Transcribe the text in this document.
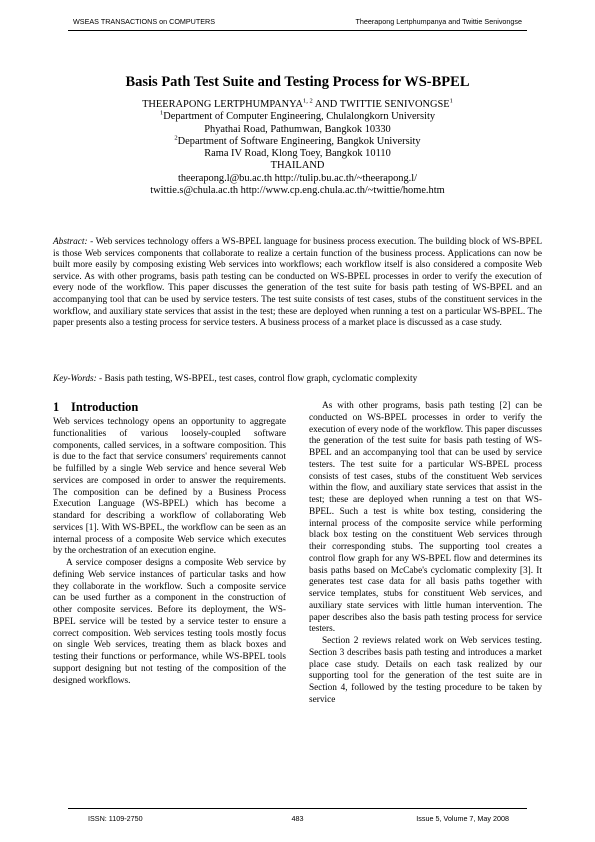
WSEAS TRANSACTIONS on COMPUTERS	Theerapong Lertphumpanya and Twittie Senivongse
Basis Path Test Suite and Testing Process for WS-BPEL
THEERAPONG LERTPHUMPANYA$^{1, 2}$ AND TWITTIE SENIVONGSE$^1$
$^1$Department of Computer Engineering, Chulalongkorn University
Phyathai Road, Pathumwan, Bangkok 10330
$^2$Department of Software Engineering, Bangkok University
Rama IV Road, Klong Toey, Bangkok 10110
THAILAND
theerapong.l@bu.ac.th http://tulip.bu.ac.th/~theerapong.l/
twittie.s@chula.ac.th http://www.cp.eng.chula.ac.th/~twittie/home.htm
Abstract: - Web services technology offers a WS-BPEL language for business process execution. The building block of WS-BPEL is those Web services components that collaborate to realize a certain function of the business process. Applications can now be built more easily by composing existing Web services into workflows; each workflow itself is also considered a composite Web service. As with other programs, basis path testing can be conducted on WS-BPEL processes in order to verify the execution of every node of the workflow. This paper discusses the generation of the test suite for basis path testing of WS-BPEL and an accompanying tool that can be used by service testers. The test suite consists of test cases, stubs of the constituent services in the workflow, and auxiliary state services that assist in the test; these are deployed when running a test on a particular WS-BPEL. The paper presents also a testing process for service testers. A business process of a market place is discussed as a case study.
Key-Words: - Basis path testing, WS-BPEL, test cases, control flow graph, cyclomatic complexity
1 Introduction

Web services technology opens an opportunity to aggregate functionalities of various loosely-coupled software components, called services, in a software composition. This is due to the fact that service consumers' requirements cannot be fulfilled by a single Web service and hence several Web services are composed in order to answer the requirements. The composition can be defined by a Business Process Execution Language (WS-BPEL) which has become a standard for describing a workflow of collaborating Web services [1]. With WS-BPEL, the workflow can be seen as an internal process of a composite Web service which executes by the orchestration of an execution engine.

A service composer designs a composite Web service by defining Web service instances of particular tasks and how they collaborate in the workflow. Such a composite service can be used further as a component in the construction of other composite services. Before its deployment, the WS-BPEL service will be tested by a service tester to ensure a correct composition. Web services testing tools mostly focus on single Web services, treating them as black boxes and testing their functions or performance, while WS-BPEL tools support designing but not testing of the composition of the designed workflows.

As with other programs, basis path testing [2] can be conducted on WS-BPEL processes in order to verify the execution of every node of the workflow. This paper discusses the generation of the test suite for basis path testing of WS-BPEL and an accompanying tool that can be used by service testers. The test suite for a particular WS-BPEL process consists of test cases, stubs of the constituent Web services within the flow, and auxiliary state services that assist in the test; these are deployed when running a test on that WS-BPEL. Such a test is white box testing, considering the internal process of the composite service while performing black box testing on the constituent Web services through their corresponding stubs. The supporting tool creates a control flow graph for any WS-BPEL flow and determines its basis paths based on McCabe's cyclomatic complexity [3]. It generates test case data for all basis paths together with service templates, stubs for constituent Web services, and auxiliary state services with little human intervention. The paper describes also the basis path testing process for service testers.

Section 2 reviews related work on Web services testing. Section 3 describes basis path testing and introduces a market place case study. Details on each task realized by our supporting tool for the generation of the test suite are in Section 4, followed by the testing procedure to be taken by service

ISSN: 1109-2750	483	Issue 5, Volume 7, May 2008
